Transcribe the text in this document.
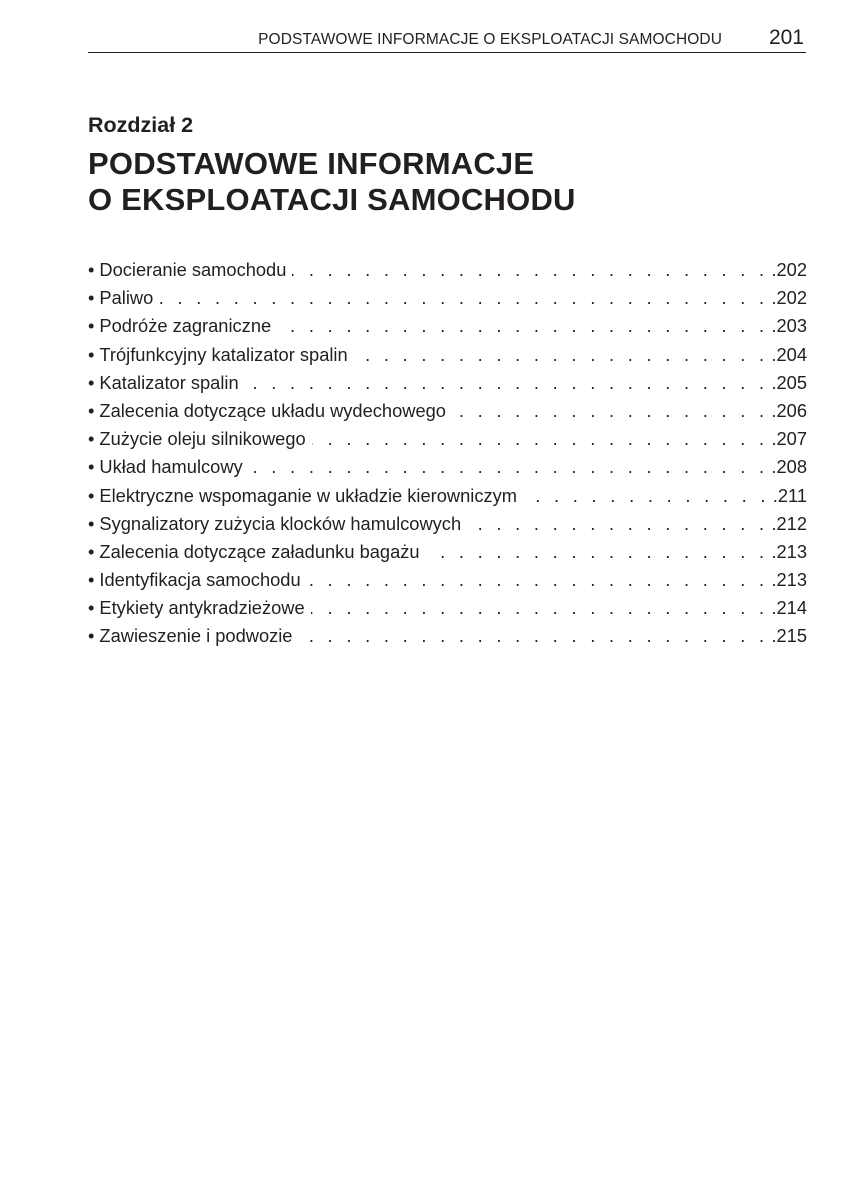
PODSTAWOWE INFORMACJE O EKSPLOATACJI SAMOCHODU 201
Rozdział 2
PODSTAWOWE INFORMACJE
O EKSPLOATACJI SAMOCHODU
• Docieranie samochodu . . .	.202
• Paliwo . . .	.202
• Podróże zagraniczne . . .	.203
• Trójfunkcyjny katalizator spalin . . .	.204
• Katalizator spalin . . .	.205
• Zalecenia dotyczące układu wydechowego . . .	.206
• Zużycie oleju silnikowego . . .	.207
• Układ hamulcowy . . .	.208
• Elektryczne wspomaganie w układzie kierowniczym . . .	.211
• Sygnalizatory zużycia klocków hamulcowych . . .	.212
• Zalecenia dotyczące załadunku bagażu . . .	.213
• Identyfikacja samochodu . . .	.213
• Etykiety antykradzieżowe . . .	.214
• Zawieszenie i podwozie . . .	.215
